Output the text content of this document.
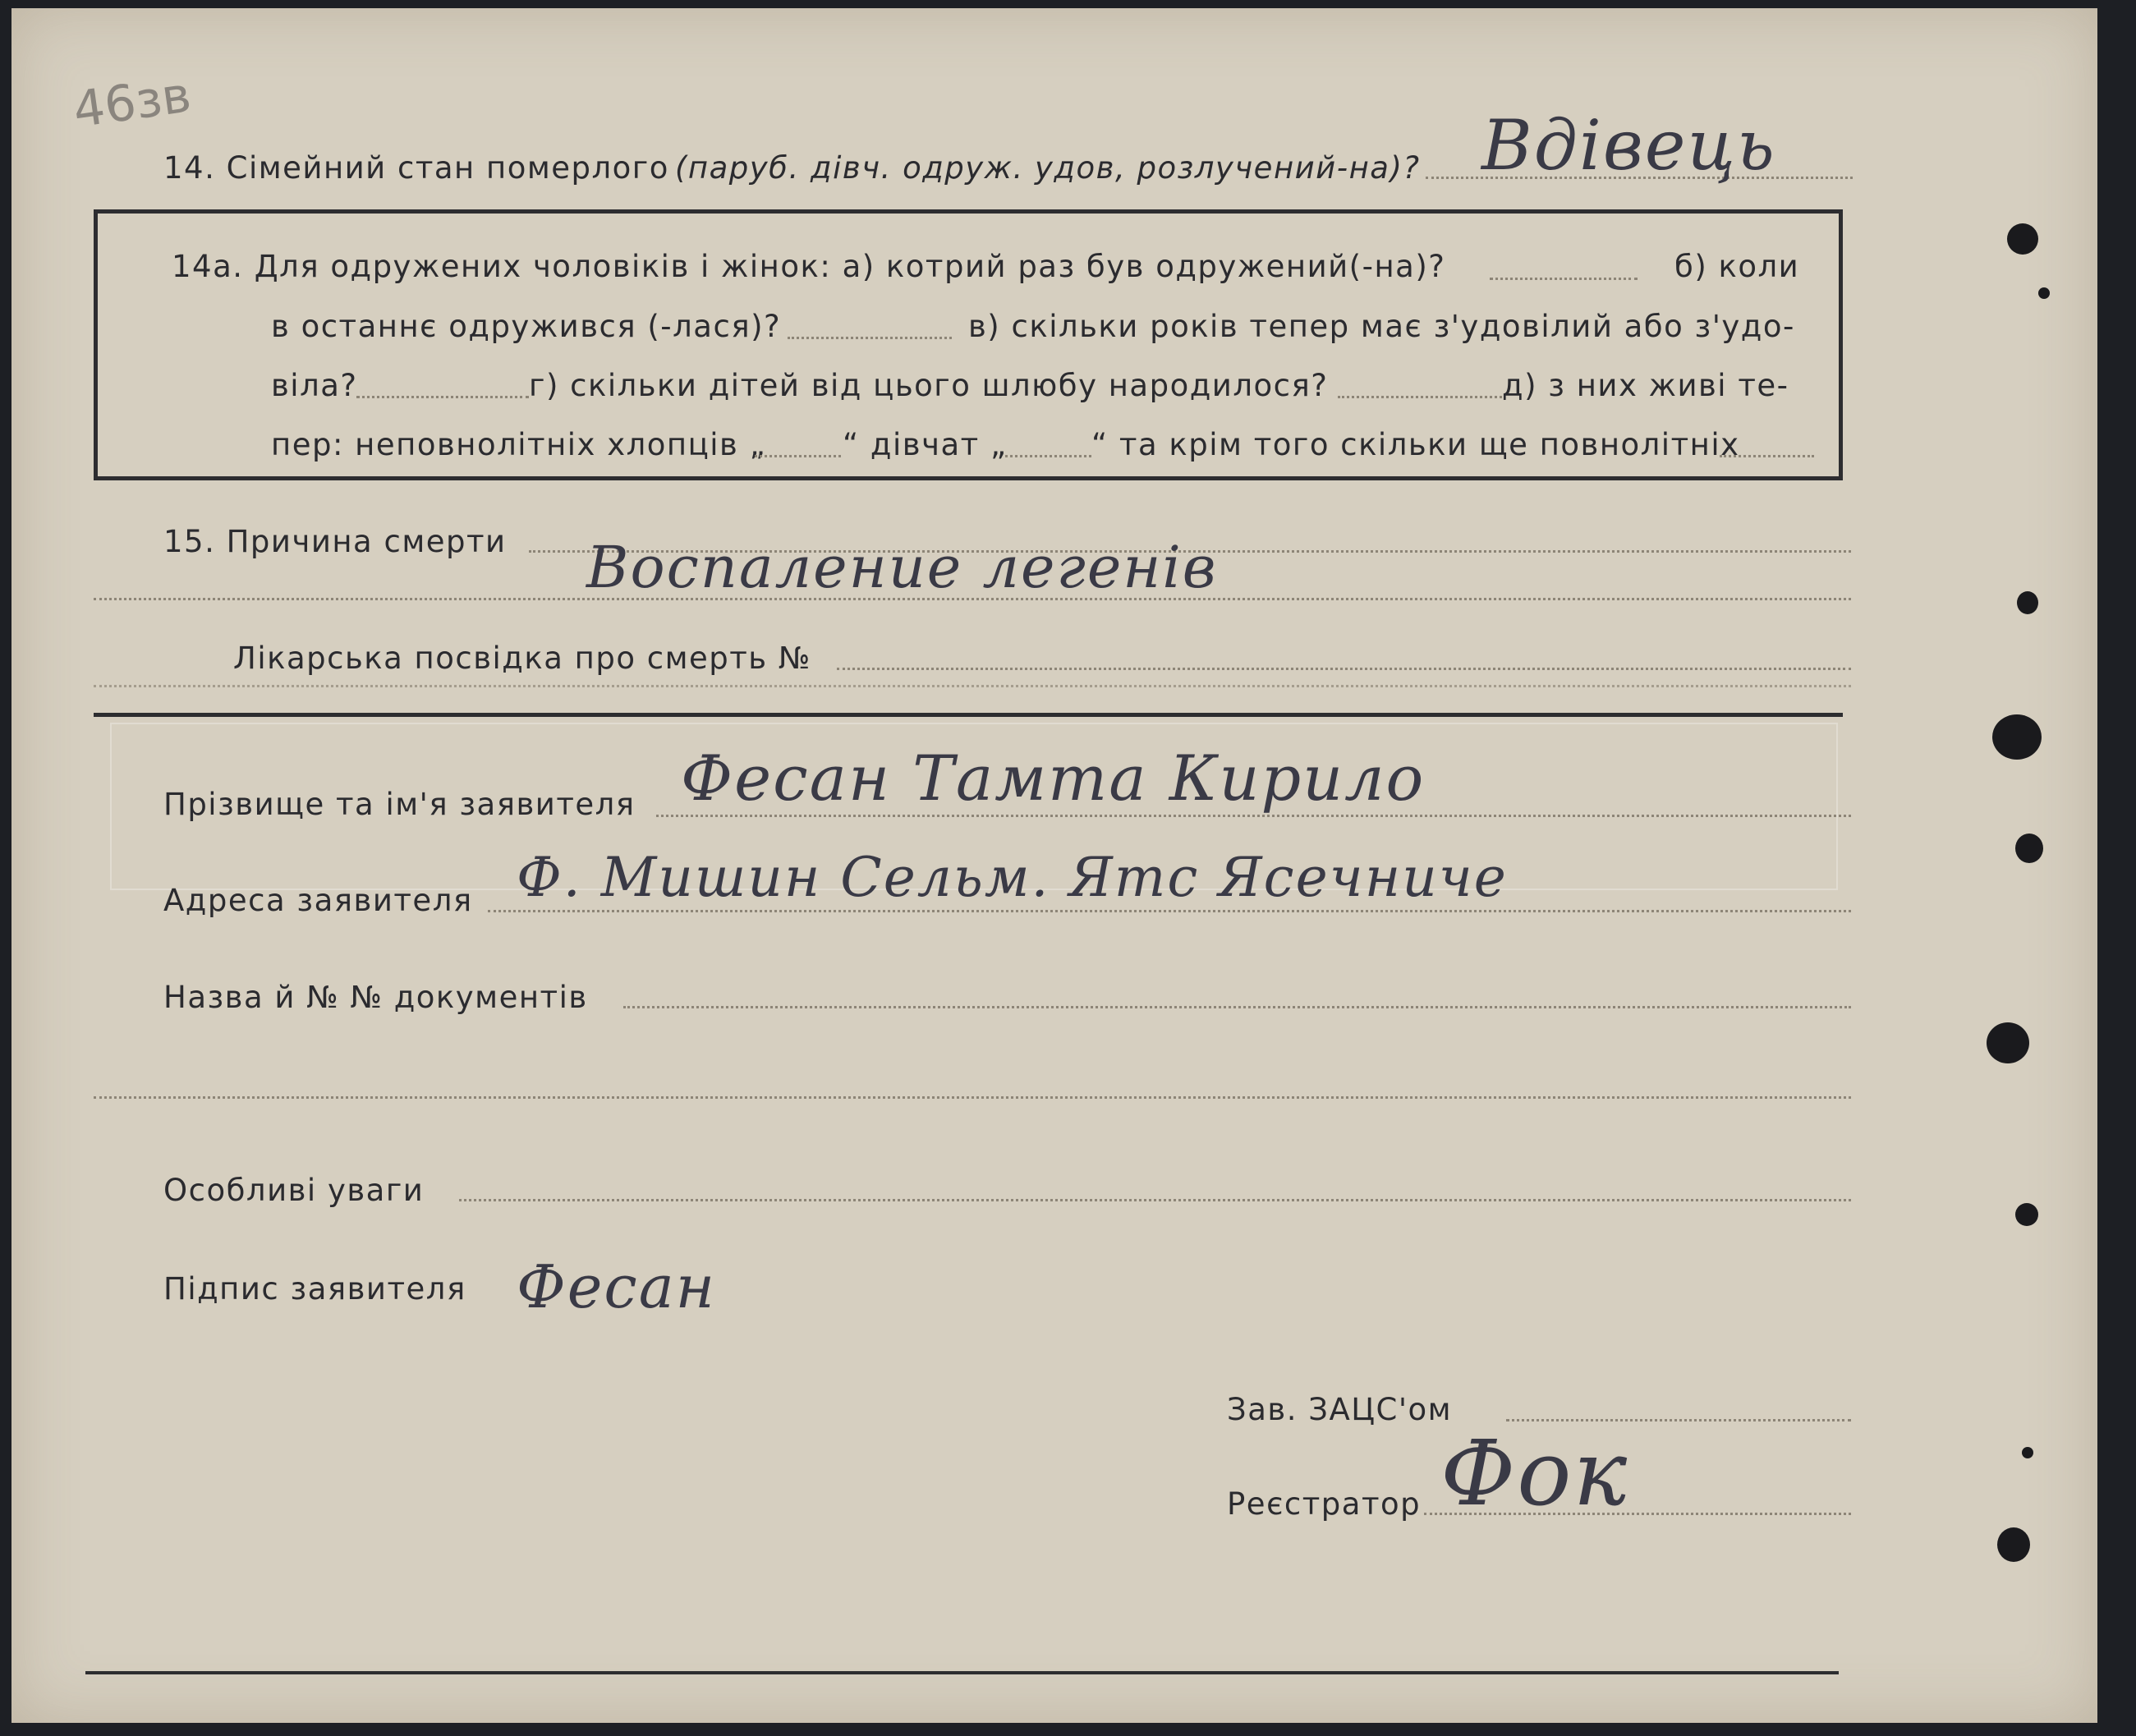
46зв
14. Сімейний стан померлого (паруб. дівч. одруж. удов, розлучений-на)? Вдівець
14а. Для одружених чоловіків і жінок: а) котрий раз був одружений(-на)?	б) коли
в останнє одружився (-лася)?	в) скільки років тепер має з'удовілий або з'удо-
віла?	г) скільки дітей від цього шлюбу народилося?	д) з них живі те-
пер: неповнолітніх хлопців „	“ дівчат „	“ та крім того скільки ще повнолітніх
15. Причина смерти Воспаление легенів
Лікарська посвідка про смерть №
Прізвище та ім'я заявителя Фесан Тамта Кирило
Адреса заявителя Ф. Мишин Сельм. Ятс Ясечниче
Назва й № № документів
Особливі уваги
Підпис заявителя Фесан
Зав. ЗАЦС'ом
Реєстратор Фок
